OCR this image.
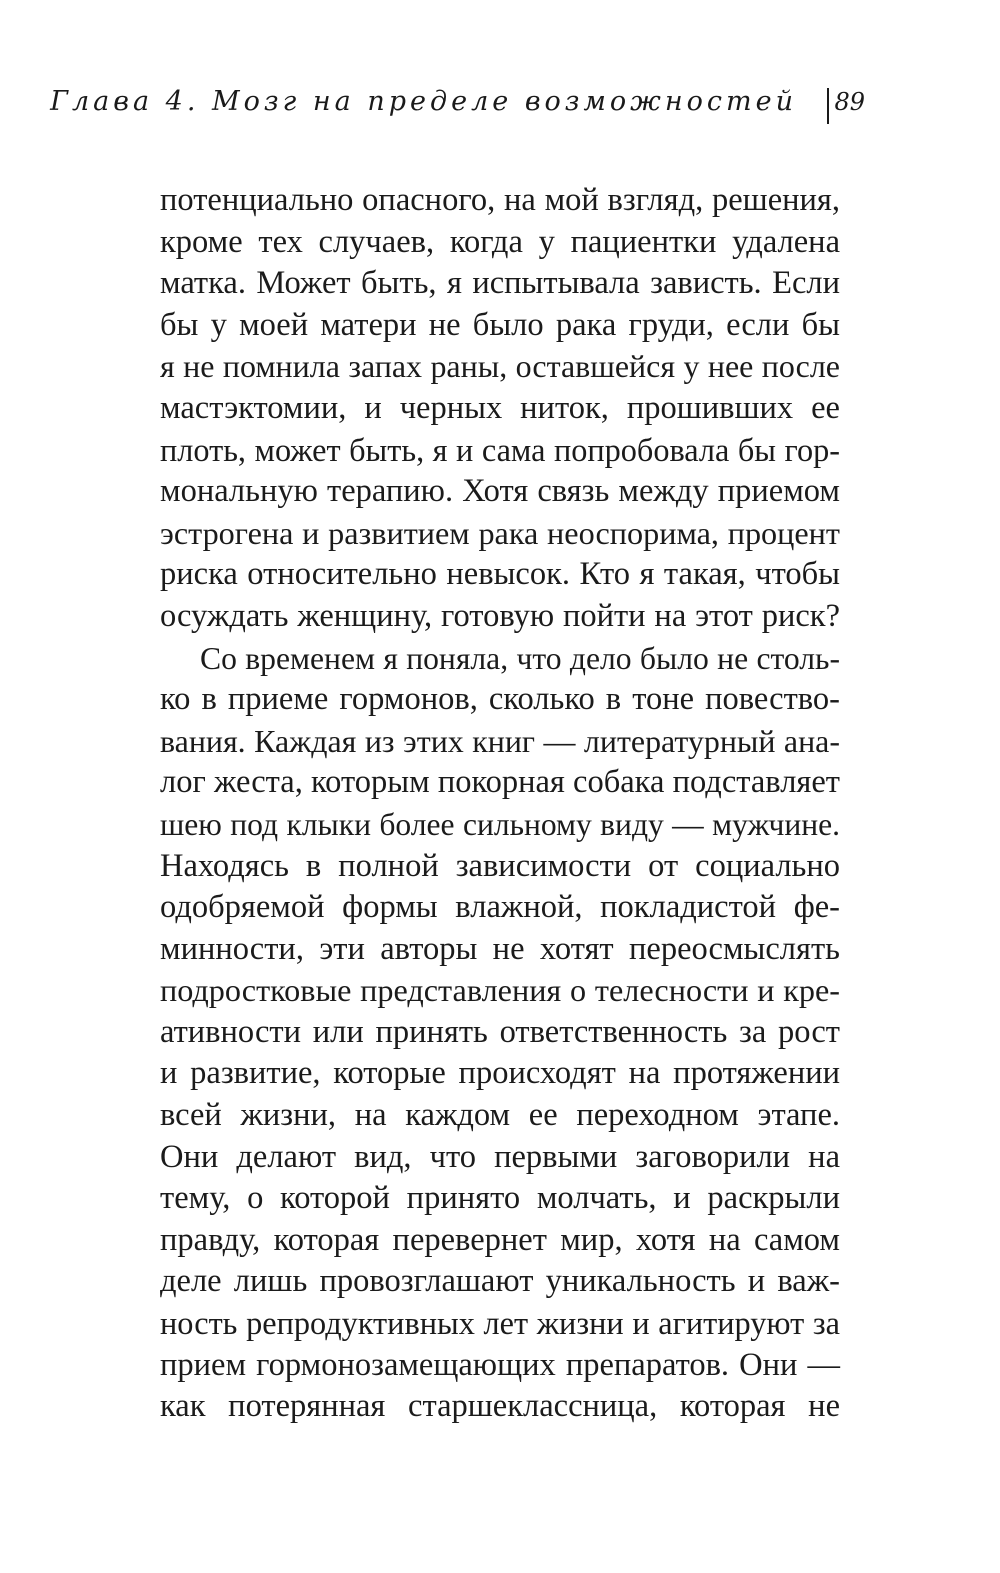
Глава 4. Мозг на пределе возможностей 89
потенциально опасного, на мой взгляд, решения,
кроме тех случаев, когда у пациентки удалена
матка. Может быть, я испытывала зависть. Если
бы у моей матери не было рака груди, если бы
я не помнила запах раны, оставшейся у нее после
мастэктомии, и черных ниток, прошивших ее
плоть, может быть, я и сама попробовала бы гор-
мональную терапию. Хотя связь между приемом
эстрогена и развитием рака неоспорима, процент
риска относительно невысок. Кто я такая, чтобы
осуждать женщину, готовую пойти на этот риск?
Со временем я поняла, что дело было не столь-
ко в приеме гормонов, сколько в тоне повество-
вания. Каждая из этих книг — литературный ана-
лог жеста, которым покорная собака подставляет
шею под клыки более сильному виду — мужчине.
Находясь в полной зависимости от социально
одобряемой формы влажной, покладистой фе-
минности, эти авторы не хотят переосмыслять
подростковые представления о телесности и кре-
ативности или принять ответственность за рост
и развитие, которые происходят на протяжении
всей жизни, на каждом ее переходном этапе.
Они делают вид, что первыми заговорили на
тему, о которой принято молчать, и раскрыли
правду, которая перевернет мир, хотя на самом
деле лишь провозглашают уникальность и важ-
ность репродуктивных лет жизни и агитируют за
прием гормонозамещающих препаратов. Они —
как потерянная старшеклассница, которая не
